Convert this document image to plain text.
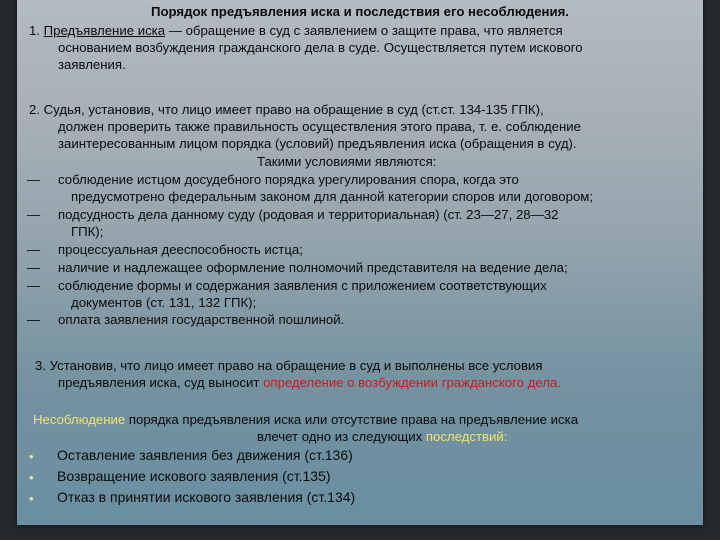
Порядок предъявления иска и последствия его несоблюдения.
1. Предъявление иска — обращение в суд с заявлением о защите права, что является
основанием возбуждения гражданского дела в суде. Осуществляется путем искового
заявления.
2. Судья, установив, что лицо имеет право на обращение в суд (ст.ст. 134-135 ГПК),
должен проверить также правильность осуществления этого права, т. е. соблюдение
заинтересованным лицом порядка (условий) предъявления иска (обращения в суд).
Такими условиями являются:
— соблюдение истцом досудебного порядка урегулирования спора, когда это
предусмотрено федеральным законом для данной категории споров или договором;
— подсудность дела данному суду (родовая и территориальная) (ст. 23—27, 28—32
ГПК);
— процессуальная дееспособность истца;
— наличие и надлежащее оформление полномочий представителя на ведение дела;
— соблюдение формы и содержания заявления с приложением соответствующих
документов (ст. 131, 132 ГПК);
— оплата заявления государственной пошлиной.
3. Установив, что лицо имеет право на обращение в суд и выполнены все условия
предъявления иска, суд выносит определение о возбуждении гражданского дела.
Несоблюдение порядка предъявления иска или отсутствие права на предъявление иска
влечет одно из следующих последствий:
• Оставление заявления без движения (ст.136)
• Возвращение искового заявления (ст.135)
• Отказ в принятии искового заявления (ст.134)
